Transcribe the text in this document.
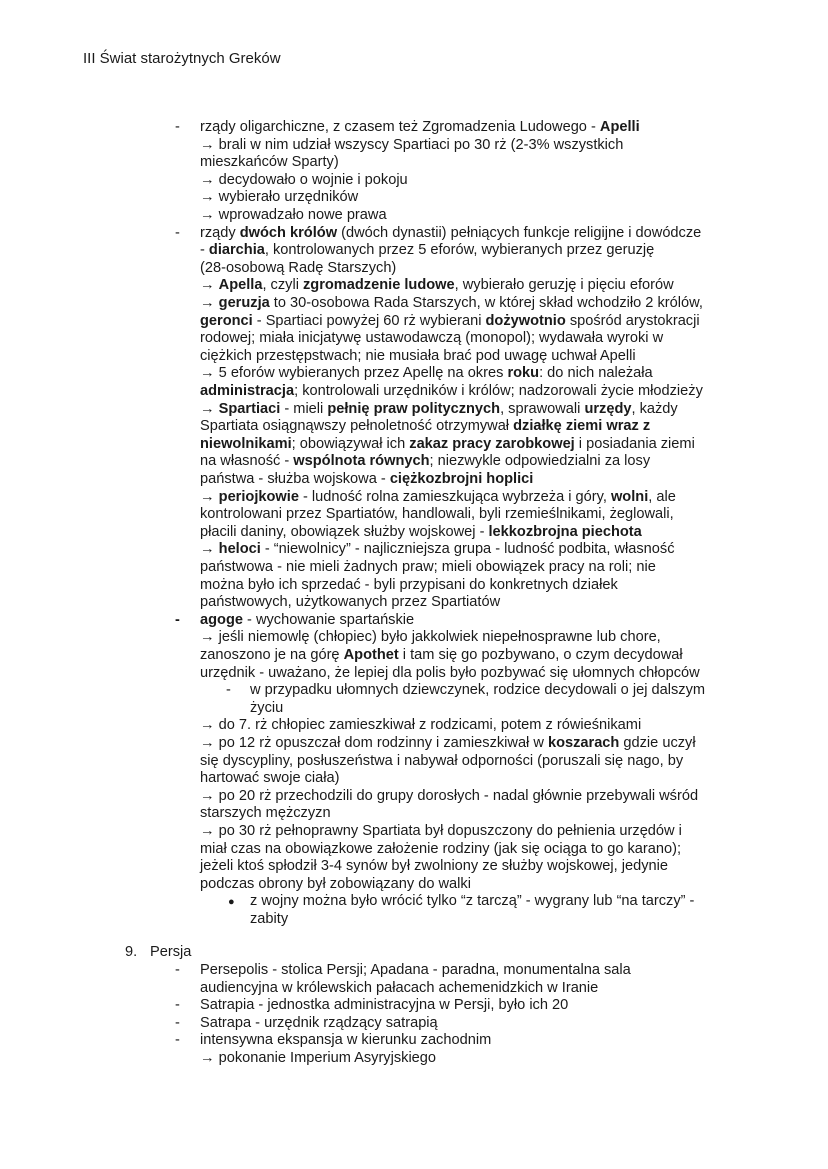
III Świat starożytnych Greków
- rządy oligarchiczne, z czasem też Zgromadzenia Ludowego - Apelli
→ brali w nim udział wszyscy Spartiaci po 30 rż (2-3% wszystkich
mieszkańców Sparty)
→ decydowało o wojnie i pokoju
→ wybierało urzędników
→ wprowadzało nowe prawa
- rządy dwóch królów (dwóch dynastii) pełniących funkcje religijne i dowódcze
- diarchia, kontrolowanych przez 5 eforów, wybieranych przez geruzję
(28-osobową Radę Starszych)
→ Apella, czyli zgromadzenie ludowe, wybierało geruzję i pięciu eforów
→ geruzja to 30-osobowa Rada Starszych, w której skład wchodziło 2 królów,
geronci - Spartiaci powyżej 60 rż wybierani dożywotnio spośród arystokracji
rodowej; miała inicjatywę ustawodawczą (monopol); wydawała wyroki w
ciężkich przestępstwach; nie musiała brać pod uwagę uchwał Apelli
→ 5 eforów wybieranych przez Apellę na okres roku: do nich należała
administracja; kontrolowali urzędników i królów; nadzorowali życie młodzieży
→ Spartiaci - mieli pełnię praw politycznych, sprawowali urzędy, każdy
Spartiata osiągnąwszy pełnoletność otrzymywał działkę ziemi wraz z
niewolnikami; obowiązywał ich zakaz pracy zarobkowej i posiadania ziemi
na własność - wspólnota równych; niezwykle odpowiedzialni za losy
państwa - służba wojskowa - ciężkozbrojni hoplici
→ periojkowie - ludność rolna zamieszkująca wybrzeża i góry, wolni, ale
kontrolowani przez Spartiatów, handlowali, byli rzemieślnikami, żeglowali,
płacili daniny, obowiązek służby wojskowej - lekkozbrojna piechota
→ heloci - “niewolnicy” - najliczniejsza grupa - ludność podbita, własność
państwowa - nie mieli żadnych praw; mieli obowiązek pracy na roli; nie
można było ich sprzedać - byli przypisani do konkretnych działek
państwowych, użytkowanych przez Spartiatów
- agoge - wychowanie spartańskie
→ jeśli niemowlę (chłopiec) było jakkolwiek niepełnosprawne lub chore,
zanoszono je na górę Apothet i tam się go pozbywano, o czym decydował
urzędnik - uważano, że lepiej dla polis było pozbywać się ułomnych chłopców
- w przypadku ułomnych dziewczynek, rodzice decydowali o jej dalszym
życiu
→ do 7. rż chłopiec zamieszkiwał z rodzicami, potem z rówieśnikami
→ po 12 rż opuszczał dom rodzinny i zamieszkiwał w koszarach gdzie uczył
się dyscypliny, posłuszeństwa i nabywał odporności (poruszali się nago, by
hartować swoje ciała)
→ po 20 rż przechodzili do grupy dorosłych - nadal głównie przebywali wśród
starszych mężczyzn
→ po 30 rż pełnoprawny Spartiata był dopuszczony do pełnienia urzędów i
miał czas na obowiązkowe założenie rodziny (jak się ociąga to go karano);
jeżeli ktoś spłodził 3-4 synów był zwolniony ze służby wojskowej, jedynie
podczas obrony był zobowiązany do walki
● z wojny można było wrócić tylko “z tarczą” - wygrany lub “na tarczy” -
zabity
- Persepolis - stolica Persji; Apadana - paradna, monumentalna sala
audiencyjna w królewskich pałacach achemenidzkich w Iranie
- Satrapia - jednostka administracyjna w Persji, było ich 20
- Satrapa - urzędnik rządzący satrapią
- intensywna ekspansja w kierunku zachodnim
→ pokonanie Imperium Asyryjskiego
9. Persja
